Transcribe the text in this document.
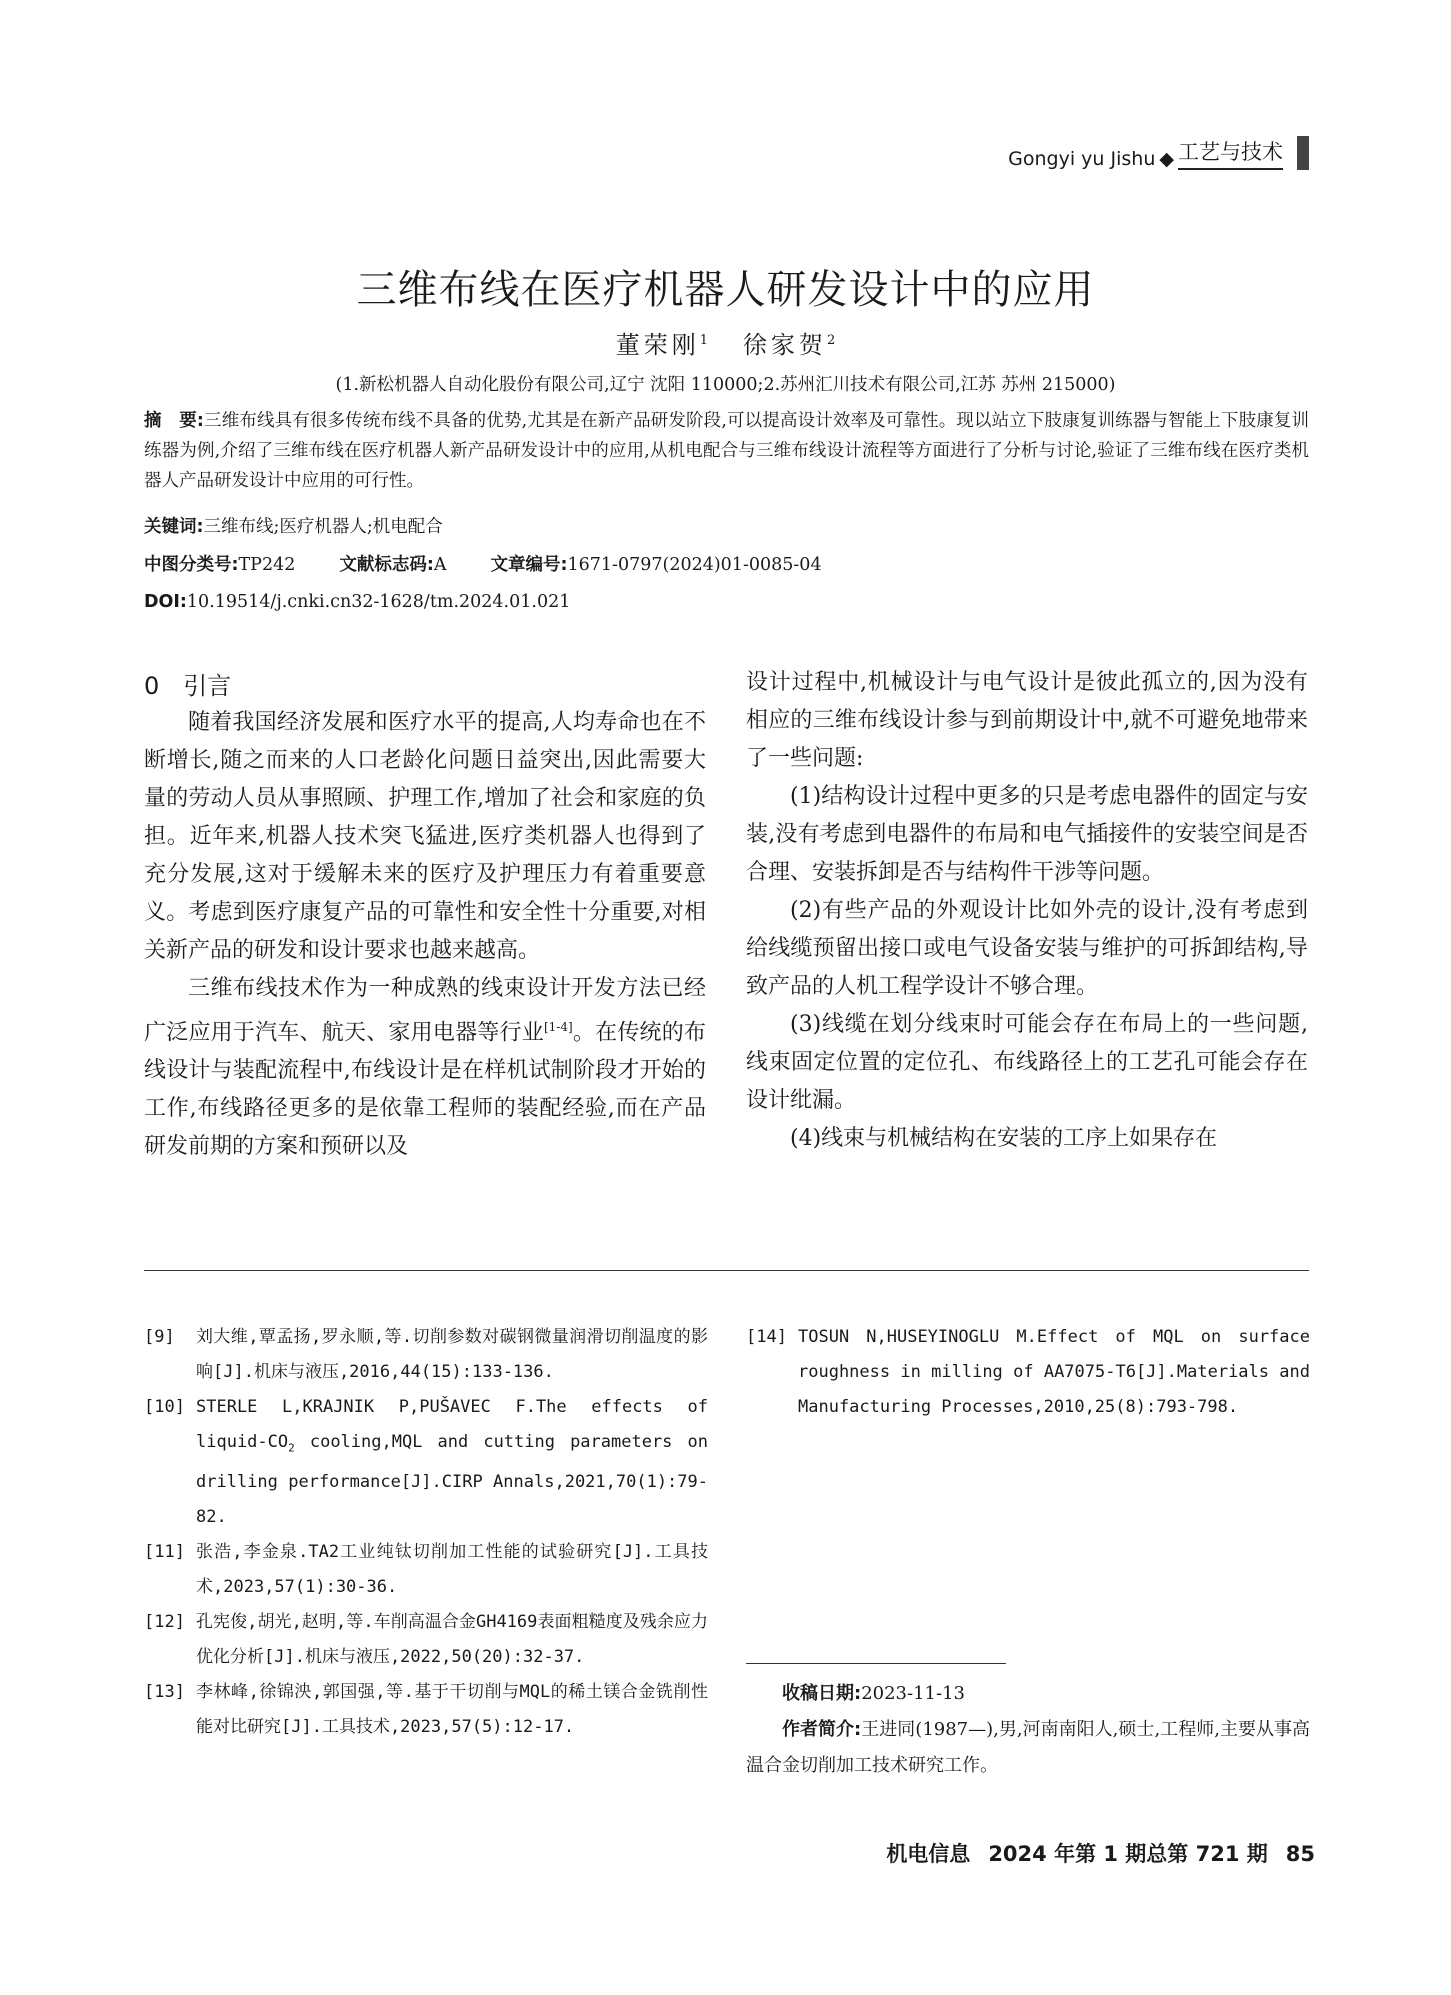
Gongyi yu Jishu ◆ 工艺与技术
三维布线在医疗机器人研发设计中的应用
董荣刚$^1$ 徐家贺$^2$
(1.新松机器人自动化股份有限公司,辽宁 沈阳 110000;2.苏州汇川技术有限公司,江苏 苏州 215000)
摘　要:三维布线具有很多传统布线不具备的优势,尤其是在新产品研发阶段,可以提高设计效率及可靠性。现以站立下肢康复训练器与智能上下肢康复训练器为例,介绍了三维布线在医疗机器人新产品研发设计中的应用,从机电配合与三维布线设计流程等方面进行了分析与讨论,验证了三维布线在医疗类机器人产品研发设计中应用的可行性。
关键词:三维布线;医疗机器人;机电配合
中图分类号:TP242	文献标志码:A	文章编号:1671-0797(2024)01-0085-04
DOI:10.19514/j.cnki.cn32-1628/tm.2024.01.021
0 引言

随着我国经济发展和医疗水平的提高,人均寿命也在不断增长,随之而来的人口老龄化问题日益突出,因此需要大量的劳动人员从事照顾、护理工作,增加了社会和家庭的负担。近年来,机器人技术突飞猛进,医疗类机器人也得到了充分发展,这对于缓解未来的医疗及护理压力有着重要意义。考虑到医疗康复产品的可靠性和安全性十分重要,对相关新产品的研发和设计要求也越来越高。

三维布线技术作为一种成熟的线束设计开发方法已经广泛应用于汽车、航天、家用电器等行业[1-4]。在传统的布线设计与装配流程中,布线设计是在样机试制阶段才开始的工作,布线路径更多的是依靠工程师的装配经验,而在产品研发前期的方案和预研以及

设计过程中,机械设计与电气设计是彼此孤立的,因为没有相应的三维布线设计参与到前期设计中,就不可避免地带来了一些问题:

(1)结构设计过程中更多的只是考虑电器件的固定与安装,没有考虑到电器件的布局和电气插接件的安装空间是否合理、安装拆卸是否与结构件干涉等问题。

(2)有些产品的外观设计比如外壳的设计,没有考虑到给线缆预留出接口或电气设备安装与维护的可拆卸结构,导致产品的人机工程学设计不够合理。

(3)线缆在划分线束时可能会存在布局上的一些问题,线束固定位置的定位孔、布线路径上的工艺孔可能会存在设计纰漏。

(4)线束与机械结构在安装的工序上如果存在

[9]	刘大维,覃孟扬,罗永顺,等.切削参数对碳钢微量润滑切削温度的影响[J].机床与液压,2016,44(15):133-136.
[10] STERLE L,KRAJNIK P,PUŠAVEC F.The effects of liquid-$CO_2$ cooling,MQL and cutting parameters on drilling performance[J].CIRP Annals,2021,70(1):79-82.
[11] 张浩,李金泉.TA2工业纯钛切削加工性能的试验研究[J].工具技术,2023,57(1):30-36.
[12] 孔宪俊,胡光,赵明,等.车削高温合金GH4169表面粗糙度及残余应力优化分析[J].机床与液压,2022,50(20):32-37.
[13] 李林峰,徐锦泱,郭国强,等.基于干切削与MQL的稀土镁合金铣削性能对比研究[J].工具技术,2023,57(5):12-17.
[14] TOSUN N,HUSEYINOGLU M.Effect of MQL on surface roughness in milling of AA7075-T6[J].Materials and Manufacturing Processes,2010,25(8):793-798.

收稿日期:2023-11-13

作者简介:王进同(1987—),男,河南南阳人,硕士,工程师,主要从事高温合金切削加工技术研究工作。

机电信息 2024 年第 1 期总第 721 期 85
